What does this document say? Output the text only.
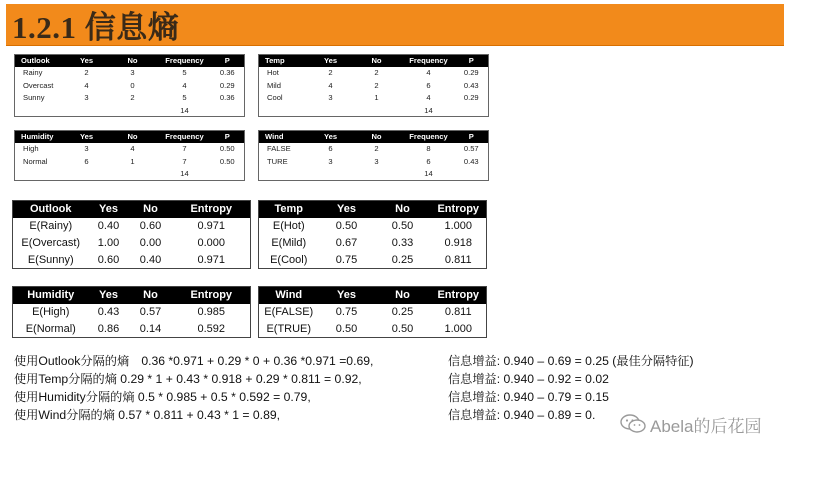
1.2.1 信息熵
Outlook	Yes	No	Frequency	P
Rainy	2	3	5	0.36
Overcast	4	0	4	0.29
Sunny	3	2	5	0.36
			14	
Temp	Yes	No	Frequency	P
Hot	2	2	4	0.29
Mild	4	2	6	0.43
Cool	3	1	4	0.29
			14	
Humidity	Yes	No	Frequency	P
High	3	4	7	0.50
Normal	6	1	7	0.50
			14	
Wind	Yes	No	Frequency	P
FALSE	6	2	8	0.57
TURE	3	3	6	0.43
			14	
Outlook	Yes	No	Entropy
E(Rainy)	0.40	0.60	0.971
E(Overcast)	1.00	0.00	0.000
E(Sunny)	0.60	0.40	0.971
Temp	Yes	No	Entropy
E(Hot)	0.50	0.50	1.000
E(Mild)	0.67	0.33	0.918
E(Cool)	0.75	0.25	0.811
Humidity	Yes	No	Entropy
E(High)	0.43	0.57	0.985
E(Normal)	0.86	0.14	0.592
Wind	Yes	No	Entropy
E(FALSE)	0.75	0.25	0.811
E(TRUE)	0.50	0.50	1.000
使用Outlook分隔的熵　0.36 *0.971 + 0.29 * 0 + 0.36 *0.971 =0.69,	信息增益: 0.940 – 0.69 = 0.25 (最佳分隔特征)
使用Temp分隔的熵 0.29 * 1 + 0.43 * 0.918 + 0.29 * 0.811 = 0.92,	信息增益: 0.940 – 0.92 = 0.02
使用Humidity分隔的熵 0.5 * 0.985 + 0.5 * 0.592 = 0.79,	信息增益: 0.940 – 0.79 = 0.15
使用Wind分隔的熵 0.57 * 0.811 + 0.43 * 1 = 0.89,	信息增益: 0.940 – 0.89 = 0.
Abela的后花园
